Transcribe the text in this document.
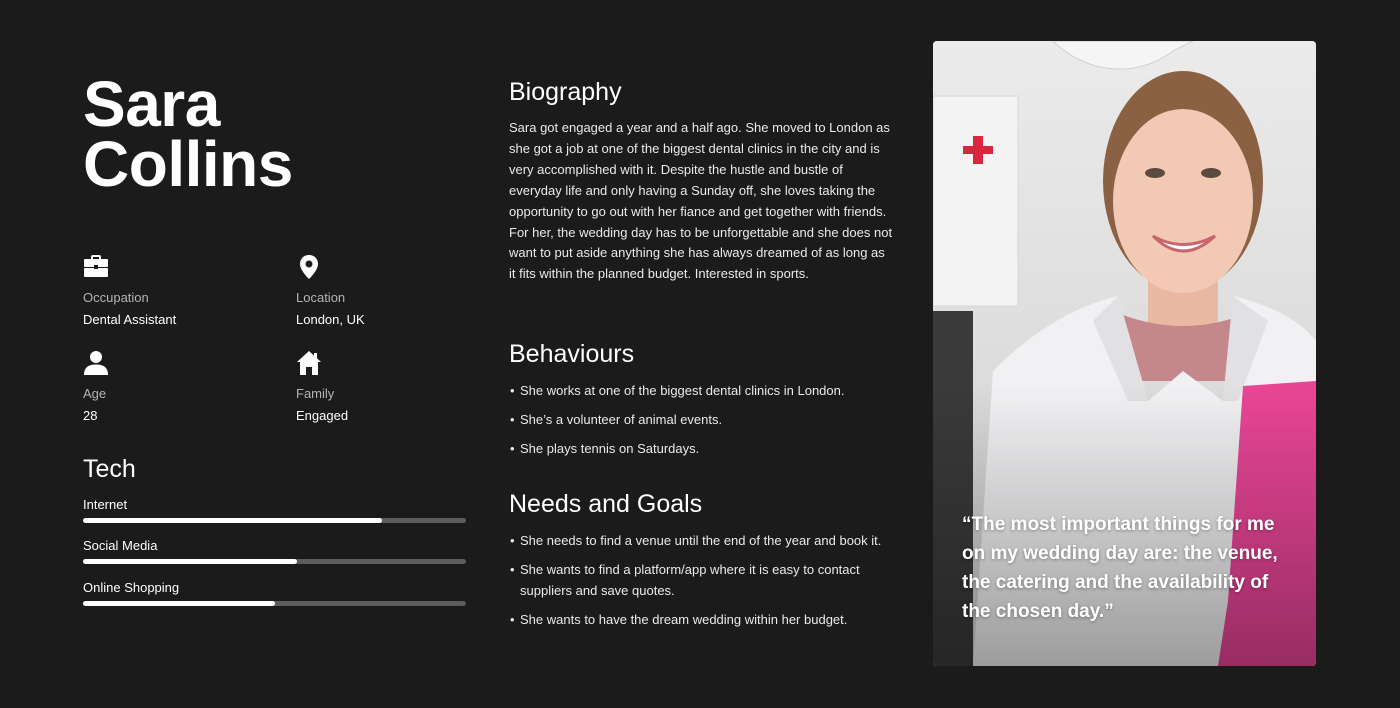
Sara
Collins
Occupation
Dental Assistant
Location
London, UK
Age
28
Family
Engaged
Tech
Internet
Social Media
Online Shopping
Biography

Sara got engaged a year and a half ago. She moved to London as she got a job at one of the biggest dental clinics in the city and is very accomplished with it. Despite the hustle and bustle of everyday life and only having a Sunday off, she loves taking the opportunity to go out with her fiance and get together with friends. For her, the wedding day has to be unforgettable and she does not want to put aside anything she has always dreamed of as long as it fits within the planned budget. Interested in sports.

Behaviours
• She works at one of the biggest dental clinics in London.
• She’s a volunteer of animal events.
• She plays tennis on Saturdays.
Needs and Goals
• She needs to find a venue until the end of the year and book it.
• She wants to find a platform/app where it is easy to contact suppliers and save quotes.
• She wants to have the dream wedding within her budget.

“The most important things for me on my wedding day are: the venue, the catering and the availability of the chosen day.”
